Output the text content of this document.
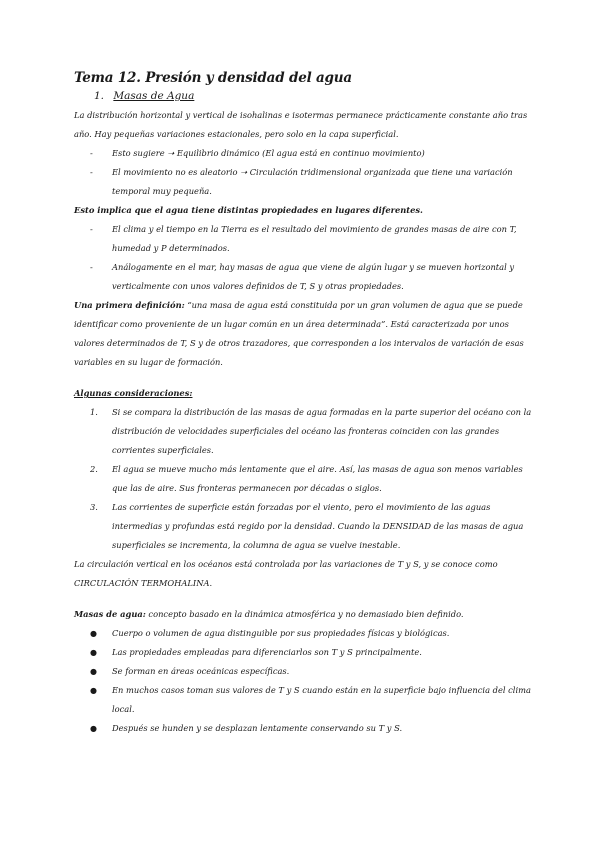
Tema 12. Presión y densidad del agua
1. Masas de Agua

La distribución horizontal y vertical de isohalinas e isotermas permanece prácticamente constante año tras año. Hay pequeñas variaciones estacionales, pero solo en la capa superficial.

- Esto sugiere ➝ Equilibrio dinámico (El agua está en continuo movimiento)
- El movimiento no es aleatorio ➝ Circulación tridimensional organizada que tiene una variación temporal muy pequeña.

Esto implica que el agua tiene distintas propiedades en lugares diferentes.

- El clima y el tiempo en la Tierra es el resultado del movimiento de grandes masas de aire con T, humedad y P determinados.
- Análogamente en el mar, hay masas de agua que viene de algún lugar y se mueven horizontal y verticalmente con unos valores definidos de T, S y otras propiedades.

Una primera definición: “una masa de agua está constituida por un gran volumen de agua que se puede identificar como proveniente de un lugar común en un área determinada”. Está caracterizada por unos valores determinados de T, S y de otros trazadores, que corresponden a los intervalos de variación de esas variables en su lugar de formación.

Algunas consideraciones:

1. Si se compara la distribución de las masas de agua formadas en la parte superior del océano con la distribución de velocidades superficiales del océano las fronteras coinciden con las grandes corrientes superficiales.
2. El agua se mueve mucho más lentamente que el aire. Así, las masas de agua son menos variables que las de aire. Sus fronteras permanecen por décadas o siglos.
3. Las corrientes de superficie están forzadas por el viento, pero el movimiento de las aguas intermedias y profundas está regido por la densidad. Cuando la DENSIDAD de las masas de agua superficiales se incrementa, la columna de agua se vuelve inestable.

La circulación vertical en los océanos está controlada por las variaciones de T y S, y se conoce como
CIRCULACIÓN TERMOHALINA.

Masas de agua: concepto basado en la dinámica atmosférica y no demasiado bien definido.

● Cuerpo o volumen de agua distinguible por sus propiedades físicas y biológicas.
● Las propiedades empleadas para diferenciarlos son T y S principalmente.
● Se forman en áreas oceánicas específicas.
● En muchos casos toman sus valores de T y S cuando están en la superficie bajo influencia del clima local.
● Después se hunden y se desplazan lentamente conservando su T y S.
